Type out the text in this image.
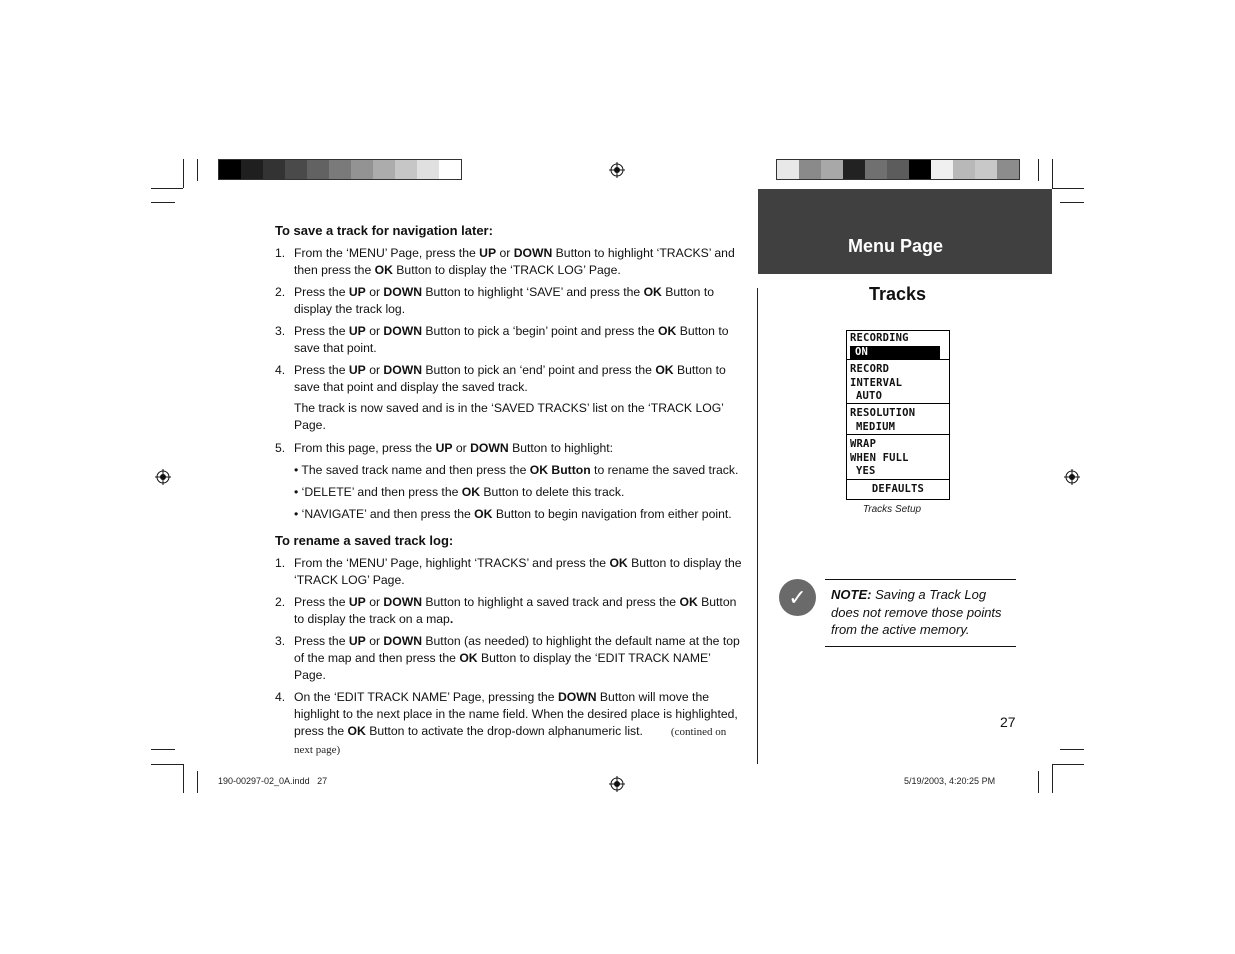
To save a track for navigation later:
1. From the ‘MENU’ Page, press the UP or DOWN Button to highlight ‘TRACKS’ and then press the OK Button to display the ‘TRACK LOG’ Page.
2. Press the UP or DOWN Button to highlight ‘SAVE’ and press the OK Button to display the track log.
3. Press the UP or DOWN Button to pick a ‘begin’ point and press the OK Button to save that point.
4. Press the UP or DOWN Button to pick an ‘end’ point and press the OK Button to save that point and display the saved track.

The track is now saved and is in the ‘SAVED TRACKS’ list on the ‘TRACK LOG’ Page.

5. From this page, press the UP or DOWN Button to highlight:

• The saved track name and then press the OK Button to rename the saved track.

• ‘DELETE’ and then press the OK Button to delete this track.

• ‘NAVIGATE’ and then press the OK Button to begin navigation from either point.

To rename a saved track log:
1. From the ‘MENU’ Page, highlight ‘TRACKS’ and press the OK Button to display the ‘TRACK LOG’ Page.
2. Press the UP or DOWN Button to highlight a saved track and press the OK Button to display the track on a map.
3. Press the UP or DOWN Button (as needed) to highlight the default name at the top of the map and then press the OK Button to display the ‘EDIT TRACK NAME’ Page.
4. On the ‘EDIT TRACK NAME’ Page, pressing the DOWN Button will move the highlight to the next place in the name field. When the desired place is highlighted, press the OK Button to activate the drop-down alphanumeric list.	(contined on next page)
Menu Page
Tracks
RECORDING
ON
RECORD
INTERVAL
AUTO
RESOLUTION
MEDIUM
WRAP
WHEN FULL
YES
DEFAULTS
Tracks Setup
✓	NOTE: Saving a Track Log does not remove those points from the active memory.
27
190-00297-02_0A.indd   27	5/19/2003, 4:20:25 PM
